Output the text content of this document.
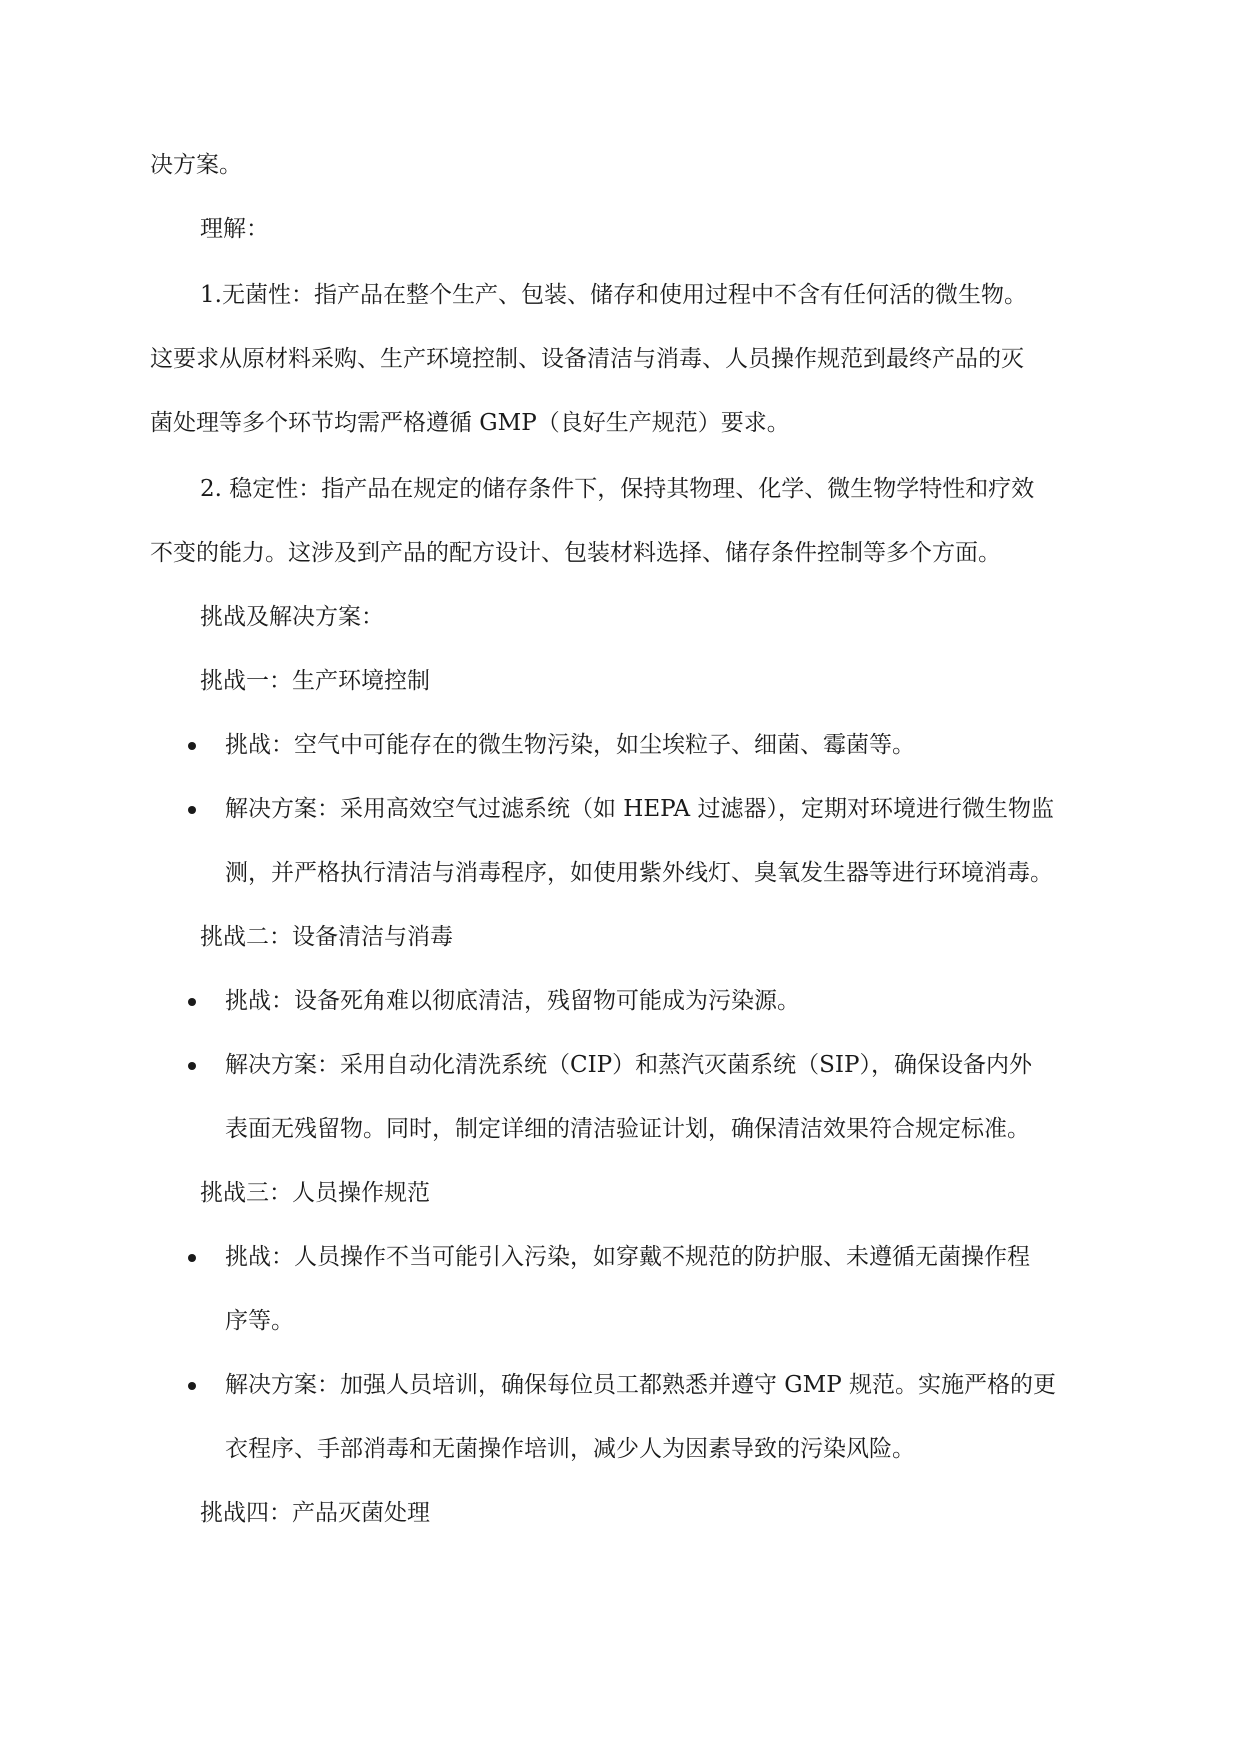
决方案。
理解：
1.无菌性：指产品在整个生产、包装、储存和使用过程中不含有任何活的微生物。
这要求从原材料采购、生产环境控制、设备清洁与消毒、人员操作规范到最终产品的灭
菌处理等多个环节均需严格遵循 GMP（良好生产规范）要求。
2. 稳定性：指产品在规定的储存条件下，保持其物理、化学、微生物学特性和疗效
不变的能力。这涉及到产品的配方设计、包装材料选择、储存条件控制等多个方面。
挑战及解决方案：
挑战一：生产环境控制
挑战：空气中可能存在的微生物污染，如尘埃粒子、细菌、霉菌等。
解决方案：采用高效空气过滤系统（如 HEPA 过滤器），定期对环境进行微生物监
测，并严格执行清洁与消毒程序，如使用紫外线灯、臭氧发生器等进行环境消毒。
挑战二：设备清洁与消毒
挑战：设备死角难以彻底清洁，残留物可能成为污染源。
解决方案：采用自动化清洗系统（CIP）和蒸汽灭菌系统（SIP），确保设备内外
表面无残留物。同时，制定详细的清洁验证计划，确保清洁效果符合规定标准。
挑战三：人员操作规范
挑战：人员操作不当可能引入污染，如穿戴不规范的防护服、未遵循无菌操作程
序等。
解决方案：加强人员培训，确保每位员工都熟悉并遵守 GMP 规范。实施严格的更
衣程序、手部消毒和无菌操作培训，减少人为因素导致的污染风险。
挑战四：产品灭菌处理
